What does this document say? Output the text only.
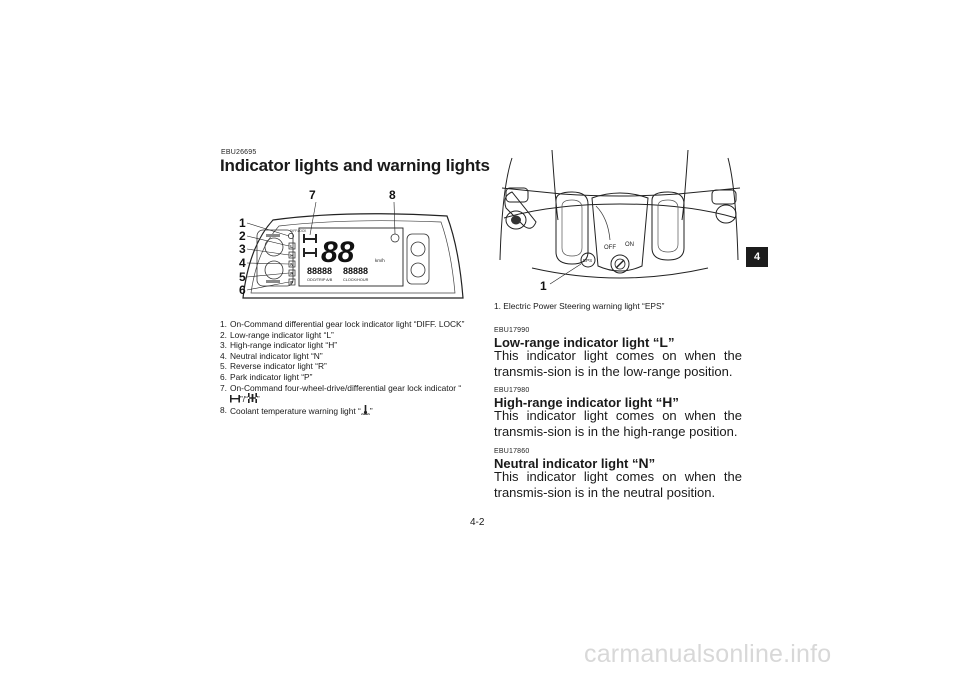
EBU26695
Indicator lights and warning lights
DIFF.LOCK
L
H
N
R
P
88	km/h
88888 88888
ODO/TRIP A/B	CLOCK/HOUR
1
2
3
4
5
6
7	8
1. On-Command differential gear lock indicator light “DIFF. LOCK”
2. Low-range indicator light “L”
3. High-range indicator light “H”
4. Neutral indicator light “N”
5. Reverse indicator light “R”
6. Park indicator light “P”
7. On-Command four-wheel-drive/differential gear lock indicator “”/“ ”
8. Coolant temperature warning light “ ”
EPS
OFF ON
1
1. Electric Power Steering warning light “EPS”
EBU17990
Low-range indicator light “L”
This indicator light comes on when the transmis-sion is in the low-range position.
EBU17980
High-range indicator light “H”
This indicator light comes on when the transmis-sion is in the high-range position.
EBU17860
Neutral indicator light “N”
This indicator light comes on when the transmis-sion is in the neutral position.
4
4-2
carmanualsonline.info
